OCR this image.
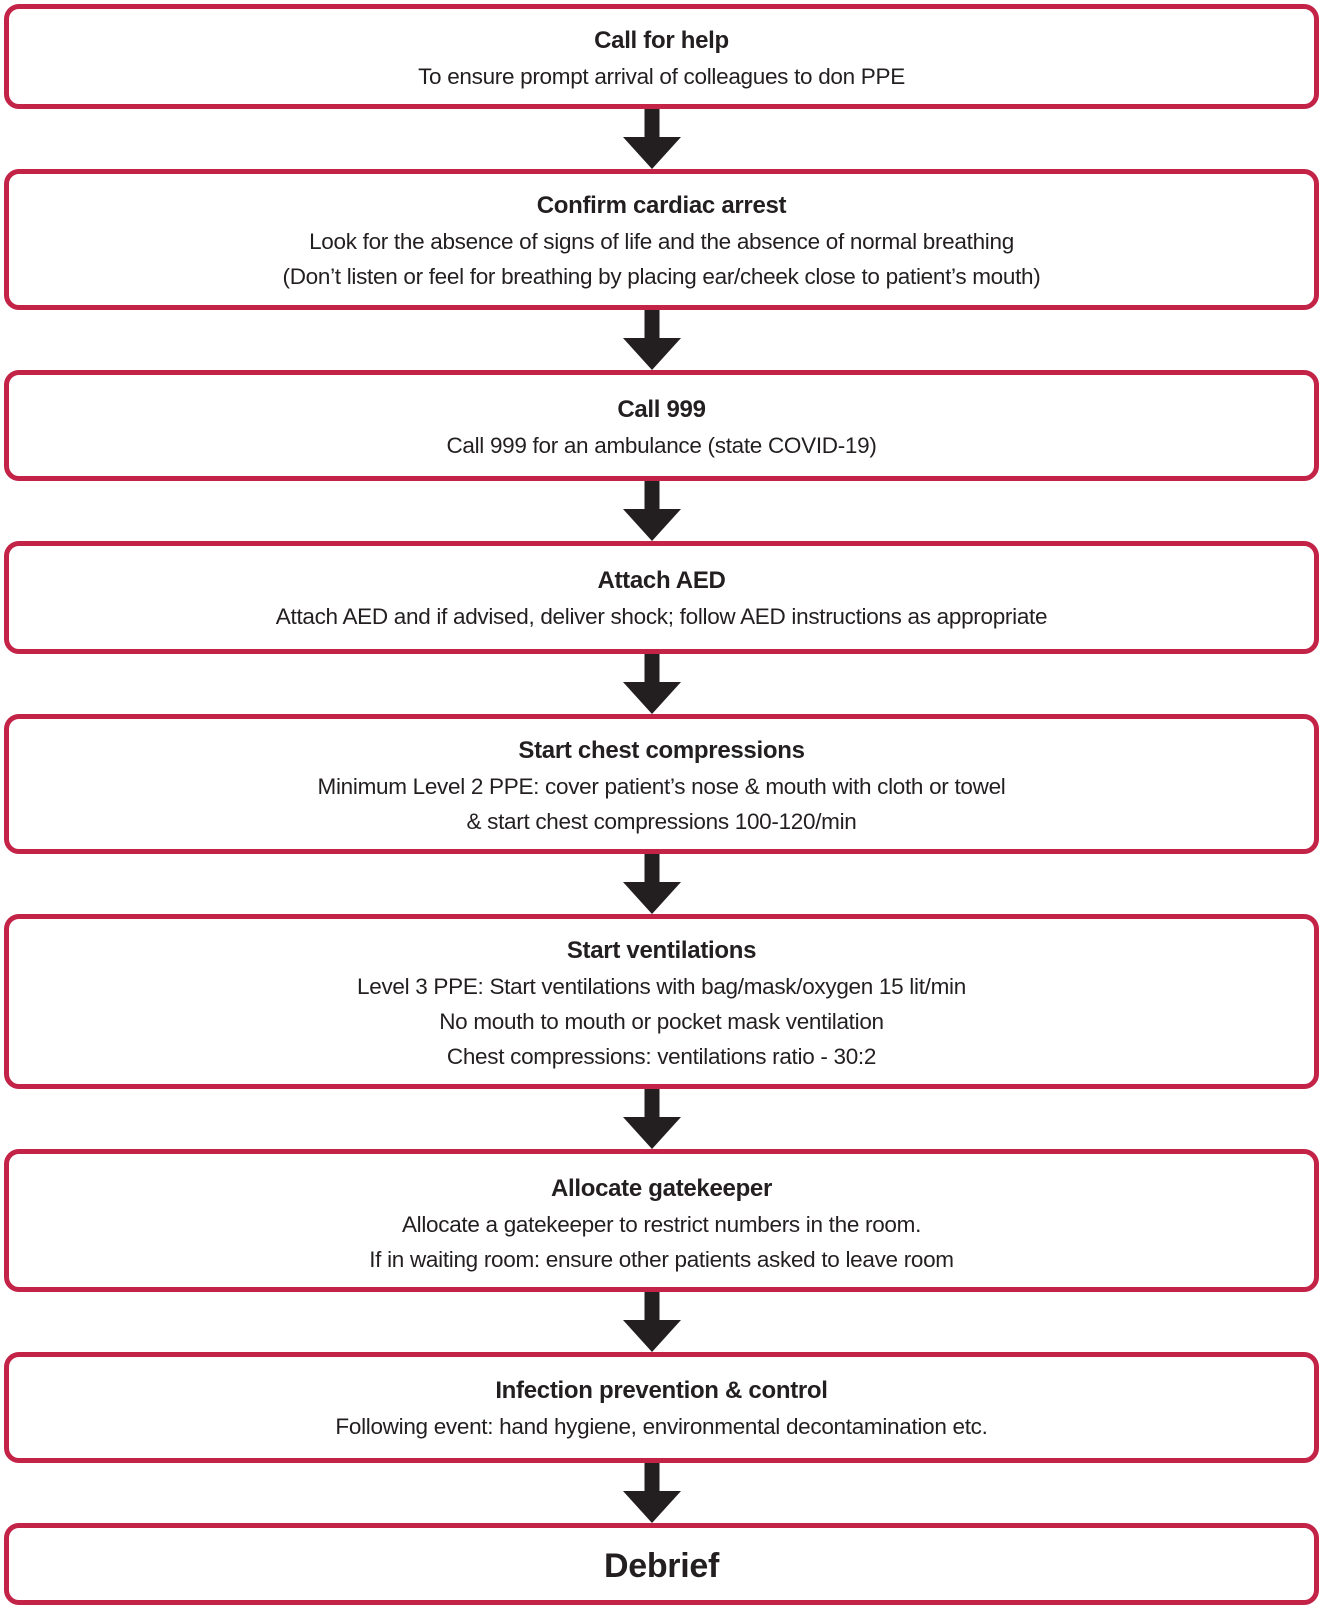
Call for help
To ensure prompt arrival of colleagues to don PPE
Confirm cardiac arrest
Look for the absence of signs of life and the absence of normal breathing
(Don’t listen or feel for breathing by placing ear/cheek close to patient’s mouth)
Call 999
Call 999 for an ambulance (state COVID-19)
Attach AED
Attach AED and if advised, deliver shock; follow AED instructions as appropriate
Start chest compressions
Minimum Level 2 PPE: cover patient’s nose & mouth with cloth or towel
& start chest compressions 100-120/min
Start ventilations
Level 3 PPE: Start ventilations with bag/mask/oxygen 15 lit/min
No mouth to mouth or pocket mask ventilation
Chest compressions: ventilations ratio - 30:2
Allocate gatekeeper
Allocate a gatekeeper to restrict numbers in the room.
If in waiting room: ensure other patients asked to leave room
Infection prevention & control
Following event: hand hygiene, environmental decontamination etc.
Debrief
